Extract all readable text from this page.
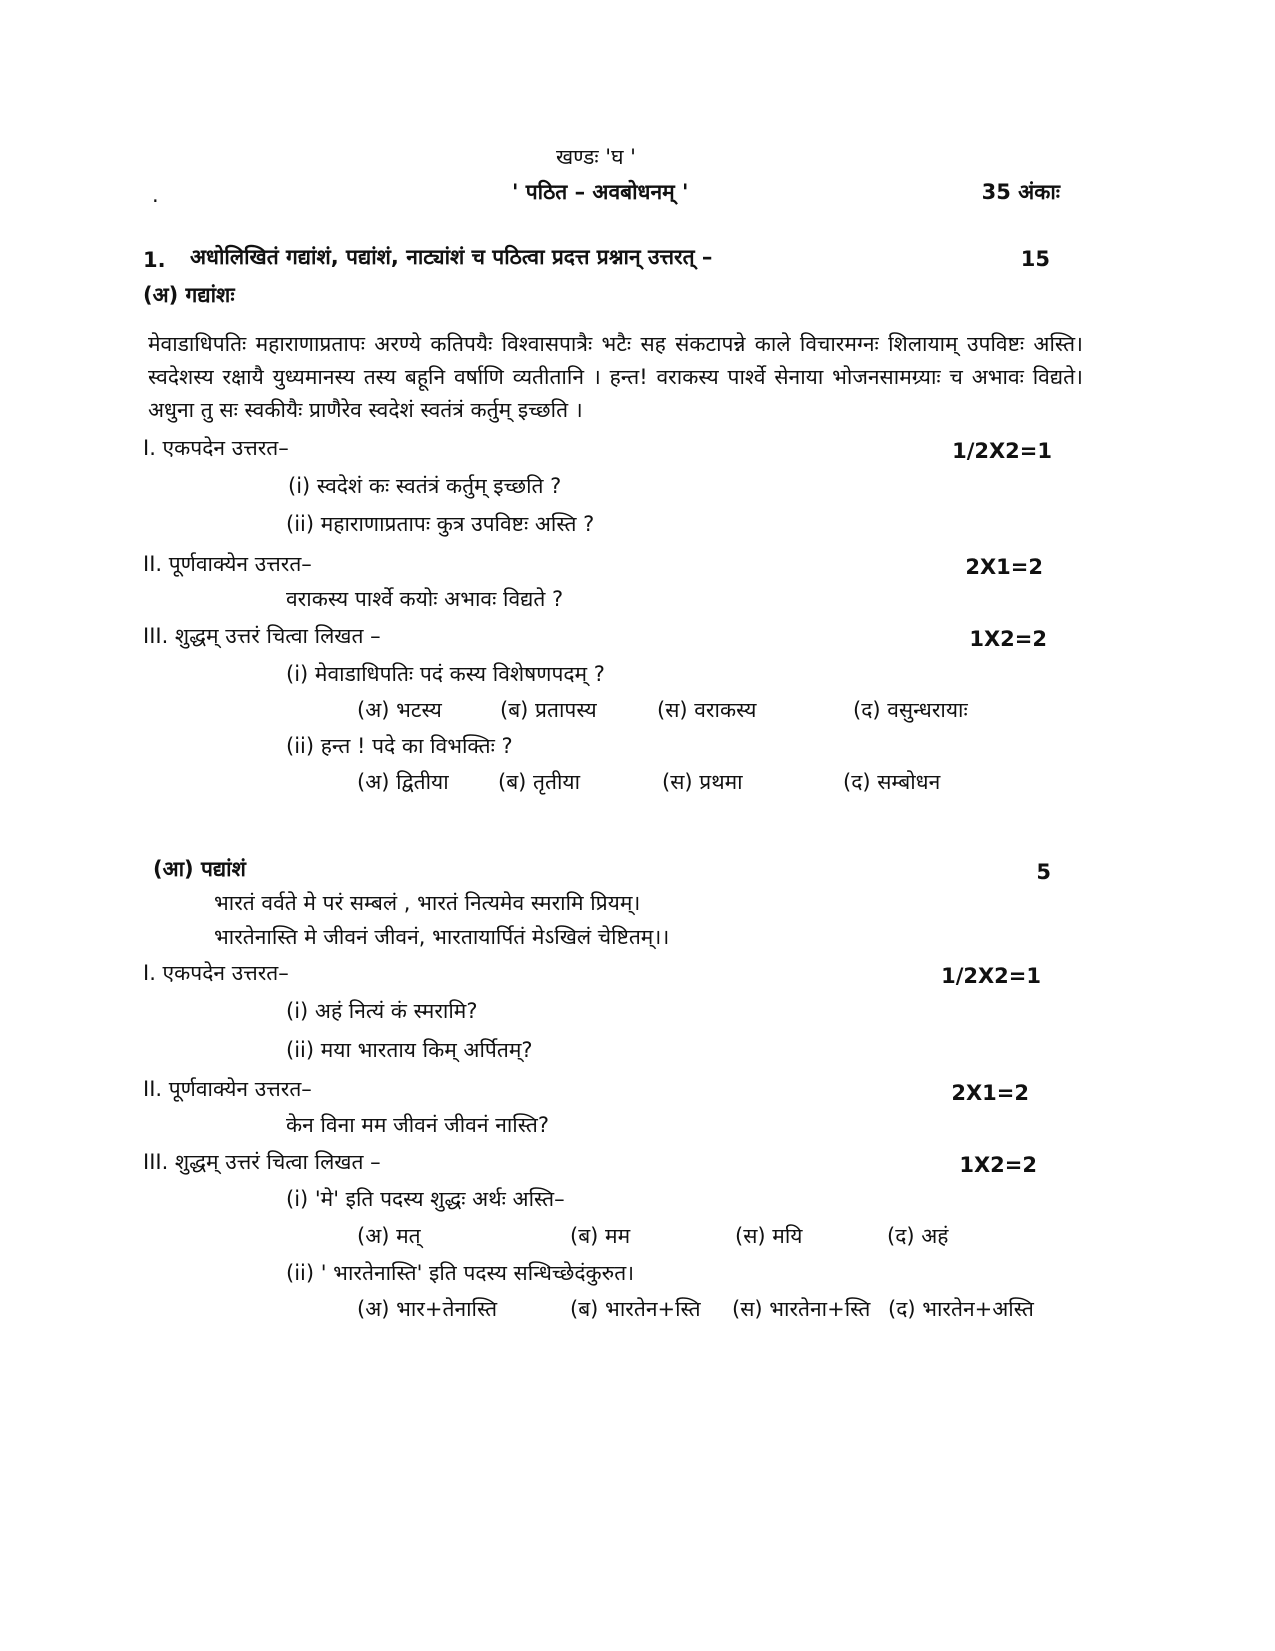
खण्डः 'घ '
.	' पठित – अवबोधनम् '	35 अंकाः
1. अधोलिखितं गद्यांशं, पद्यांशं, नाट्यांशं च पठित्वा प्रदत्त प्रश्नान् उत्तरत् –	15
(अ) गद्यांशः
मेवाडाधिपतिः महाराणाप्रतापः अरण्ये कतिपयैः विश्वासपात्रैः भटैः सह संकटापन्ने काले विचारमग्नः शिलायाम् उपविष्टः अस्ति। स्वदेशस्य रक्षायै युध्यमानस्य तस्य बहूनि वर्षाणि व्यतीतानि । हन्त! वराकस्य पार्श्वे सेनाया भोजनसामग्र्याः च अभावः विद्यते।अधुना तु सः स्वकीयैः प्राणैरेव स्वदेशं स्वतंत्रं कर्तुम् इच्छति ।
I. एकपदेन उत्तरत–	1/2X2=1
(i) स्वदेशं कः स्वतंत्रं कर्तुम् इच्छति ?
(ii) महाराणाप्रतापः कुत्र उपविष्टः अस्ति ?
II. पूर्णवाक्येन उत्तरत–	2X1=2
वराकस्य पार्श्वे कयोः अभावः विद्यते ?
III. शुद्धम् उत्तरं चित्वा लिखत –	1X2=2
(i) मेवाडाधिपतिः पदं कस्य विशेषणपदम् ?
(अ) भटस्य	(ब) प्रतापस्य	(स) वराकस्य	(द) वसुन्धरायाः
(ii) हन्त ! पदे का विभक्तिः ?
(अ) द्वितीया (ब) तृतीया	(स) प्रथमा	(द) सम्बोधन
(आ) पद्यांशं	5
भारतं वर्वते मे परं सम्बलं , भारतं नित्यमेव स्मरामि प्रियम्।
भारतेनास्ति मे जीवनं जीवनं, भारतायार्पितं मेऽखिलं चेष्टितम्।।
I. एकपदेन उत्तरत–	1/2X2=1
(i) अहं नित्यं कं स्मरामि?
(ii) मया भारताय किम् अर्पितम्?
II. पूर्णवाक्येन उत्तरत–	2X1=2
केन विना मम जीवनं जीवनं नास्ति?
III. शुद्धम् उत्तरं चित्वा लिखत –	1X2=2
(i) 'मे' इति पदस्य शुद्धः अर्थः अस्ति–
(अ) मत्	(ब) मम	(स) मयि	(द) अहं
(ii) ' भारतेनास्ति' इति पदस्य सन्धिच्छेदंकुरुत।
(अ) भार+तेनास्ति	(ब) भारतेन+स्ति (स) भारतेना+स्ति (द) भारतेन+अस्ति
